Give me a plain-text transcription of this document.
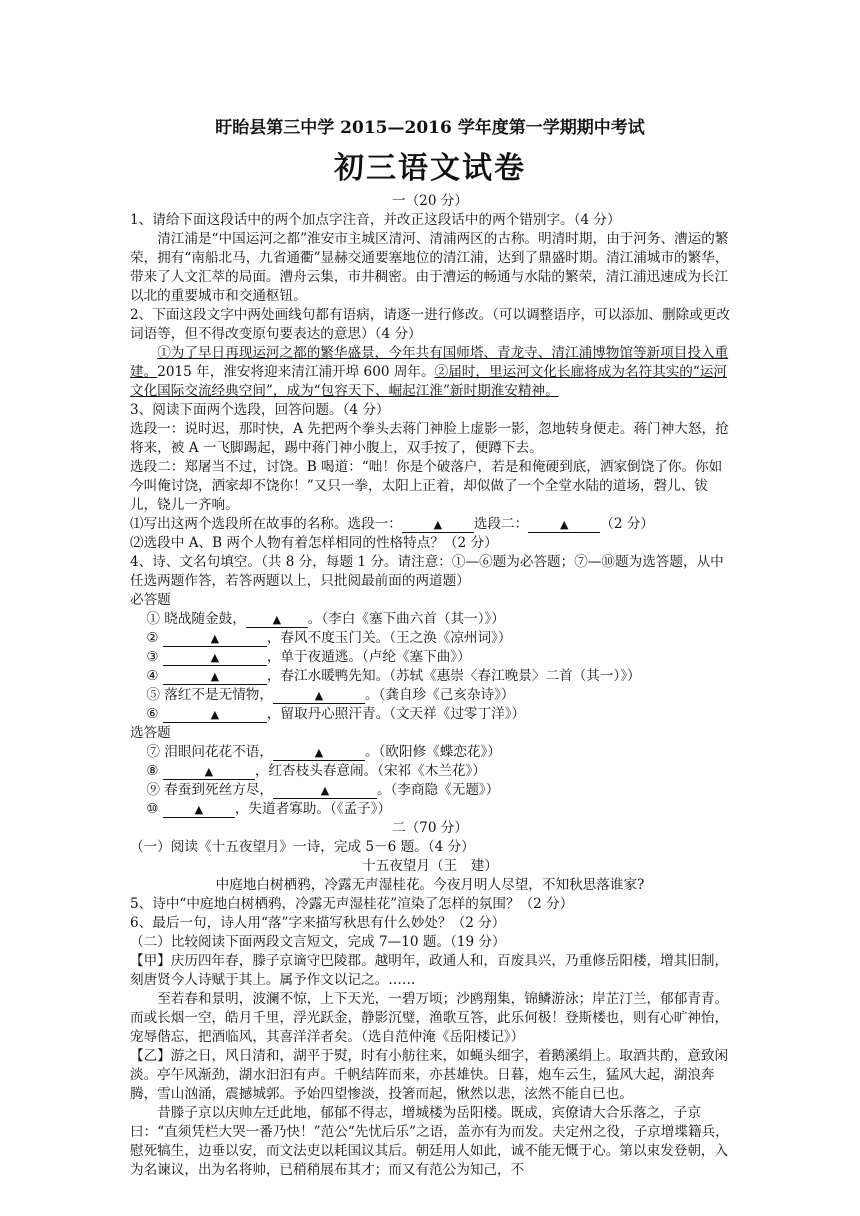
盱眙县第三中学 2015—2016 学年度第一学期期中考试
初三语文试卷

一（20 分）

1、请给下面这段话中的两个加点字注音，并改正这段话中的两个错别字。（4 分）

清江浦是“中国运河之都”淮安市主城区清河、清浦两区的古称。明清时期，由于河务、漕运的繁荣，拥有“南船北马，九省通衢”显赫交通要塞地位的清江浦，达到了鼎盛时期。清江浦城市的繁华，带来了人文汇萃的局面。漕舟云集，市井稠密。由于漕运的畅通与水陆的繁荣，清江浦迅速成为长江以北的重要城市和交通枢钮。

2、下面这段文字中两处画线句都有语病，请逐一进行修改。（可以调整语序，可以添加、删除或更改词语等，但不得改变原句要表达的意思）（4 分）

①为了早日再现运河之都的繁华盛景，今年共有国师塔、青龙寺、清江浦博物馆等新项目投入重建。2015 年，淮安将迎来清江浦开埠 600 周年。②届时，里运河文化长廊将成为名符其实的“运河文化国际交流经典空间”，成为“包容天下、崛起江淮”新时期淮安精神。

3、阅读下面两个选段，回答问题。（4 分）

选段一：说时迟，那时快，A 先把两个拳头去蒋门神脸上虚影一影，忽地转身便走。蒋门神大怒，抢将来，被 A 一飞脚踢起，踢中蒋门神小腹上，双手按了，便蹲下去。

选段二：郑屠当不过，讨饶。B 喝道：“咄！你是个破落户，若是和俺硬到底，洒家倒饶了你。你如今叫俺讨饶，洒家却不饶你！”又只一拳，太阳上正着，却似做了一个全堂水陆的道场，磬儿、钹儿，铙儿一齐响。

⑴写出这两个选段所在故事的名称。选段一：	▲ 选段二：	▲ （2 分）

⑵选段中 A、B 两个人物有着怎样相同的性格特点？（2 分）

4、诗、文名句填空。（共 8 分，每题 1 分。请注意：①—⑥题为必答题；⑦—⑩题为选答题，从中任选两题作答，若答两题以上，只批阅最前面的两道题）

必答题

① 晓战随金鼓， ▲ 。（李白《塞下曲六首（其一）》）

②	▲	，春风不度玉门关。（王之涣《凉州词》）

③	▲	，单于夜遁逃。（卢纶《塞下曲》）

④	▲	，春江水暖鸭先知。（苏轼《惠崇〈春江晚景〉二首（其一）》）

⑤ 落红不是无情物，	▲	。（龚自珍《己亥杂诗》）

⑥	▲	，留取丹心照汗青。（文天祥《过零丁洋》）

选答题

⑦ 泪眼问花花不语，	▲	。（欧阳修《蝶恋花》）

⑧	▲	，红杏枝头春意闹。（宋祁《木兰花》）

⑨ 春蚕到死丝方尽，	▲	。（李商隐《无题》）

⑩	▲ ，失道者寡助。（《孟子》）

二（70 分）

（一）阅读《十五夜望月》一诗，完成 5－6 题。（4 分）

十五夜望月（王　建）

中庭地白树栖鸦，冷露无声湿桂花。今夜月明人尽望，不知秋思落谁家?

5、诗中“中庭地白树栖鸦，冷露无声湿桂花”渲染了怎样的氛围？（2 分）

6、最后一句，诗人用“落”字来描写秋思有什么妙处？（2 分）

（二）比较阅读下面两段文言短文，完成 7—10 题。（19 分）

【甲】庆历四年春，滕子京谪守巴陵郡。越明年，政通人和，百废具兴，乃重修岳阳楼，增其旧制，刻唐贤今人诗赋于其上。属予作文以记之。……

至若春和景明，波澜不惊，上下天光，一碧万顷；沙鸥翔集，锦鳞游泳；岸芷汀兰，郁郁青青。而或长烟一空，皓月千里，浮光跃金，静影沉璧，渔歌互答，此乐何极！登斯楼也，则有心旷神怡，宠辱偕忘，把酒临风，其喜洋洋者矣。（选自范仲淹《岳阳楼记》）

【乙】游之日，风日清和，湖平于熨，时有小舫往来，如蝇头细字，着鹅溪绢上。取酒共酌，意致闲淡。亭午风渐劲，湖水汩汩有声。千帆结阵而来，亦甚雄快。日暮，炮车云生，猛风大起，湖浪奔腾，雪山汹涌，震撼城郭。予始四望惨淡，投箸而起，愀然以悲，泫然不能自已也。

昔滕子京以庆帅左迁此地，郁郁不得志，增城楼为岳阳楼。既成，宾僚请大合乐落之，子京曰：“直须凭栏大哭一番乃快！”范公“先忧后乐”之语，盖亦有为而发。夫定州之役，子京增堞籍兵，慰死犒生，边垂以安，而文法吏以耗国议其后。朝廷用人如此，诚不能无慨于心。第以束发登朝，入为名谏议，出为名将帅，已稍稍展布其才；而又有范公为知己，不
